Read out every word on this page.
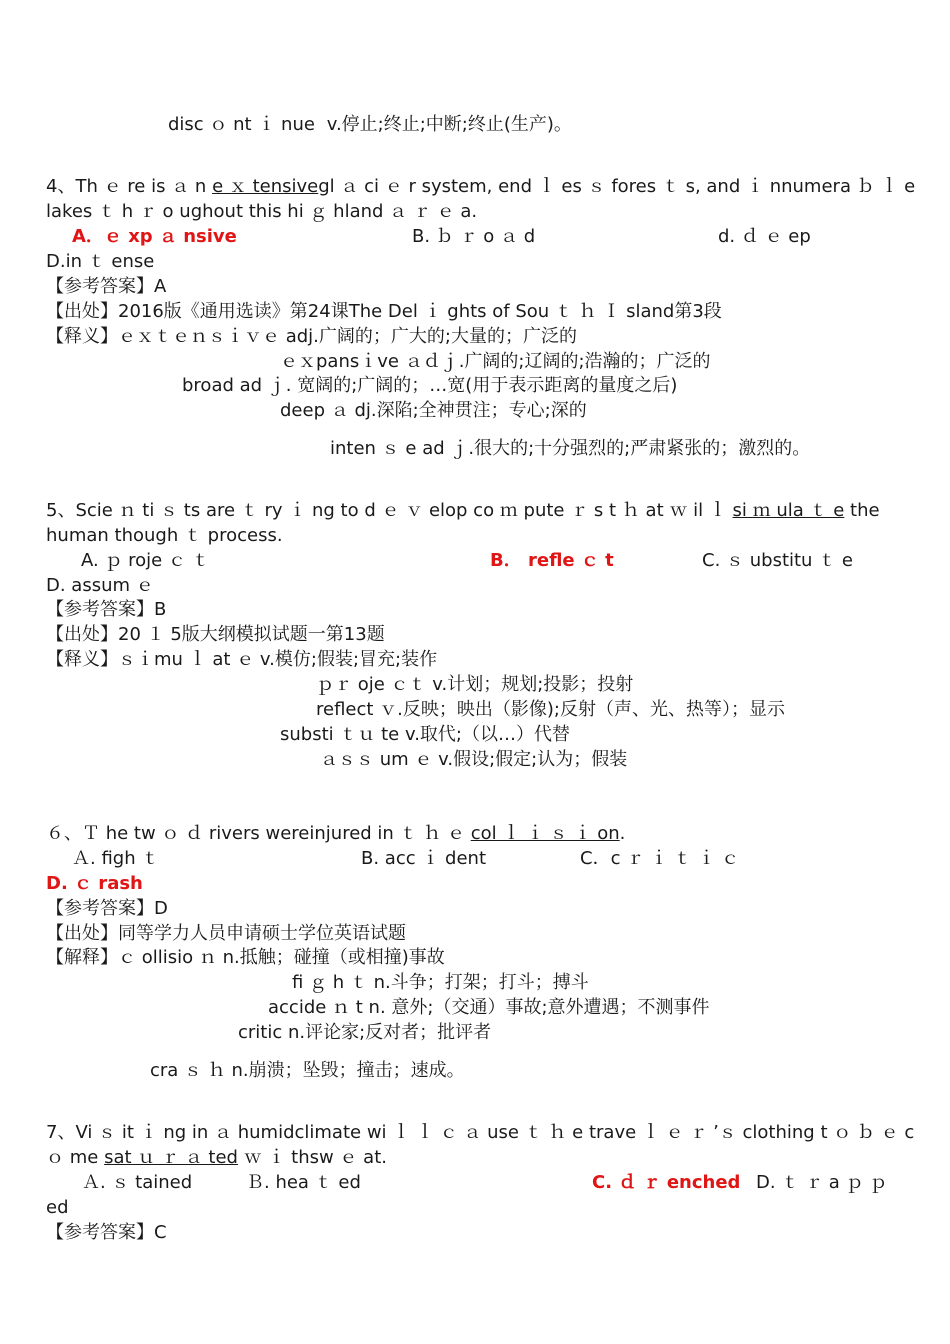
disc ｏ nt ｉ nue v.停止;终止;中断;终止(生产)。
4、Th ｅ re is ａ n e ｘ tensivegl ａ ci ｅ r system, end ｌ es ｓ fores ｔ s, and ｉ nnumera ｂ ｌ e
lakes ｔ h ｒ o ughout this hi ｇ hland ａ ｒ ｅ a.
A．ｅ xp ａ nsive	B. ｂ ｒ o ａ d	d. ｄ ｅ ep
D.in ｔ ense
【参考答案】A
【出处】2016版《通用选读》第24课The Del ｉ ghts of Sou ｔ ｈ Ｉ sland第3段
【释义】ｅｘｔｅｎｓｉｖｅ adj.广阔的；广大的;大量的；广泛的
ｅｘpansｉve ａｄｊ.广阔的;辽阔的;浩瀚的；广泛的
broad ad ｊ. 宽阔的;广阔的；…宽(用于表示距离的量度之后)
deep ａ dj.深陷;全神贯注；专心;深的
inten ｓ e ad ｊ.很大的;十分强烈的;严肃紧张的；激烈的。
5、Scie ｎ ti ｓ ts are ｔ ry ｉ ng to d ｅ ｖ elop co ｍ pute ｒ s t ｈ at ｗ il ｌ si ｍ ula ｔ e the
human though ｔ process.
A. ｐ roje ｃ ｔ	B． refle ｃ t	C. ｓ ubstitu ｔ e
D. assum ｅ
【参考答案】B
【出处】20 １ 5版大纲模拟试题一第13题
【释义】ｓｉmu ｌ at ｅ v.模仿;假装;冒充;装作
ｐｒ oje ｃｔ v.计划；规划;投影；投射
reflect ｖ.反映；映出（影像);反射（声、光、热等）；显示
substi ｔｕ te v.取代;（以…）代替
ａｓｓ um ｅ v.假设;假定;认为；假装
６、Ｔ he tw ｏ ｄ rivers wereinjured in ｔ ｈ ｅ col ｌ ｉ ｓ ｉ on.
Ａ. figh ｔ	B. acc ｉ dent	C．c ｒ ｉ ｔ ｉ ｃ
D. ｃ rash
【参考答案】D
【出处】同等学力人员申请硕士学位英语试题
【解释】ｃ ollisio ｎ n.抵触；碰撞（或相撞)事故
fi ｇ h ｔ n.斗争；打架；打斗；搏斗
accide ｎ t n. 意外;（交通）事故;意外遭遇；不测事件
critic n.评论家;反对者；批评者
cra ｓ ｈ n.崩溃；坠毁；撞击；速成。
7、Vi ｓ it ｉ ng in ａ humidclimate wi ｌ ｌ ｃ ａ use ｔ ｈ e trave ｌ ｅ ｒ ’ｓ clothing t ｏ ｂ ｅ c
ｏ me sat ｕ ｒ ａ ted ｗ ｉ thsw ｅ at.
Ａ. ｓ tained	Ｂ. hea ｔ ed	C. ｄ ｒ enched D. ｔ ｒ a ｐ ｐ
ed
【参考答案】C
